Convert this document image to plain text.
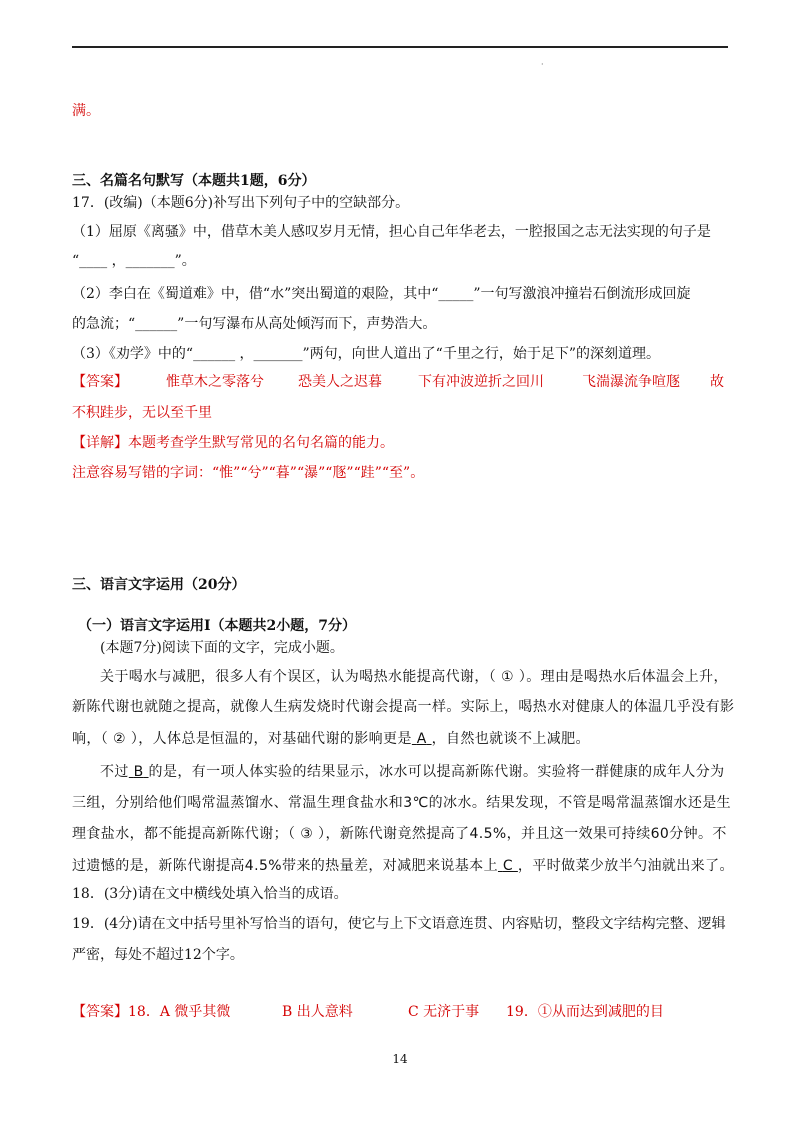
·
满。
三、名篇名句默写（本题共1题，6分）
17．(改编)（本题6分)补写出下列句子中的空缺部分。
（1）屈原《离骚》中，借草木美人感叹岁月无情，担心自己年华老去，一腔报国之志无法实现的句子是
“____ ，_______”。
（2）李白在《蜀道难》中，借“水”突出蜀道的艰险，其中“_____”一句写激浪冲撞岩石倒流形成回旋
的急流；“______”一句写瀑布从高处倾泻而下，声势浩大。
（3）《劝学》中的“______ ，_______”两句，向世人道出了“千里之行，始于足下”的深刻道理。
【答案】	惟草木之零落兮 恐美人之迟暮	下有冲波逆折之回川	飞湍瀑流争喧豗 故
不积跬步，无以至千里
【详解】本题考查学生默写常见的名句名篇的能力。
注意容易写错的字词：“惟”“兮”“暮”“瀑”“豗”“跬”“至”。
三、语言文字运用（20分）
（一）语言文字运用Ⅰ（本题共2小题，7分）
(本题7分)阅读下面的文字，完成小题。
关于喝水与减肥，很多人有个误区，认为喝热水能提高代谢，（ ① ）。理由是喝热水后体温会上升，
新陈代谢也就随之提高，就像人生病发烧时代谢会提高一样。实际上，喝热水对健康人的体温几乎没有影
响，（ ② ），人体总是恒温的，对基础代谢的影响更是 A ，自然也就谈不上减肥。
不过 B 的是，有一项人体实验的结果显示，冰水可以提高新陈代谢。实验将一群健康的成年人分为
三组，分别给他们喝常温蒸馏水、常温生理食盐水和3℃的冰水。结果发现，不管是喝常温蒸馏水还是生
理食盐水，都不能提高新陈代谢；（ ③ ），新陈代谢竟然提高了4.5%，并且这一效果可持续60分钟。不
过遗憾的是，新陈代谢提高4.5%带来的热量差，对减肥来说基本上 C ，平时做菜少放半勺油就出来了。
18．(3分)请在文中横线处填入恰当的成语。
19．(4分)请在文中括号里补写恰当的语句，使它与上下文语意连贯、内容贴切，整段文字结构完整、逻辑
严密，每处不超过12个字。
【答案】18．A 微乎其微	B 出人意料	C 无济于事 19．①从而达到减肥的目
14
